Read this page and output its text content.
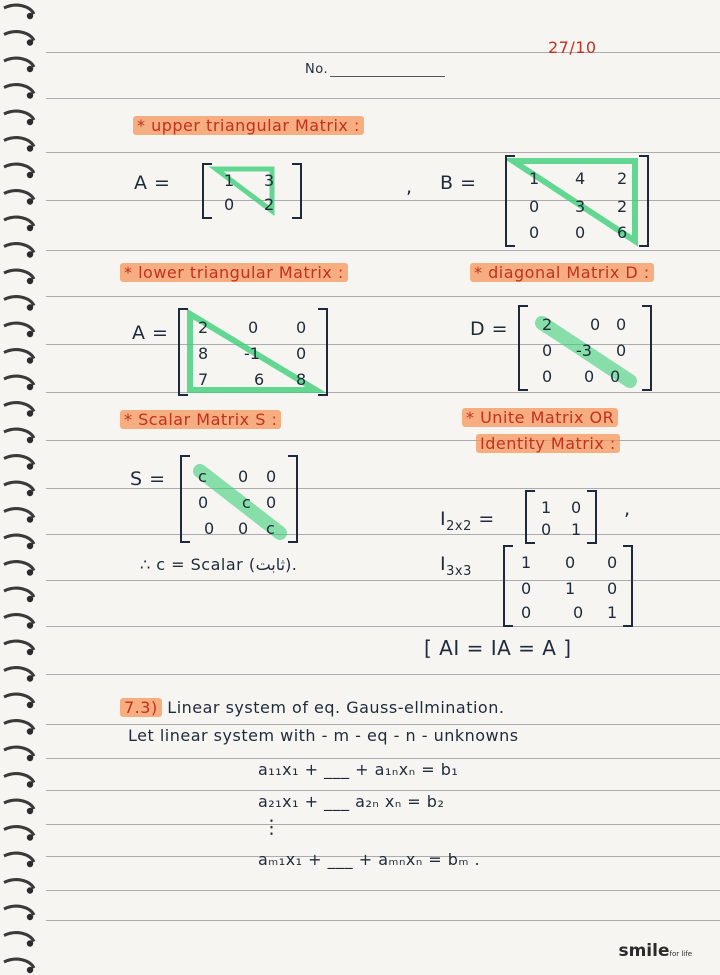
27/10
No.
* upper triangular Matrix :
A =	1 3
0 2
, B =	1 4 2
0 3 2
0 0 6
* lower triangular Matrix :
A = 2 0 0
8 -1 0
7	6 8
* diagonal Matrix D :
D = 2 0 0
0 -3 0
0 0 0
* Scalar Matrix S :
S = c 0 0
0 c 0
0 0 c
∴ c = Scalar (ثابت).
* Unite Matrix OR
Identity Matrix :
$I_{2x2}$ =
1 0
0 1
,
$I_{3x3}$	1 0 0
0 1 0
0	0 1
[ AI = IA = A ]
7.3) Linear system of eq. Gauss-ellmination.
Let linear system with - m - eq - n - unknowns
a₁₁x₁ + ___ + a₁ₙxₙ = b₁
a₂₁x₁ + ___ a₂ₙ xₙ = b₂
⋮
aₘ₁x₁ + ___ + aₘₙxₙ = bₘ .
smilefor life
